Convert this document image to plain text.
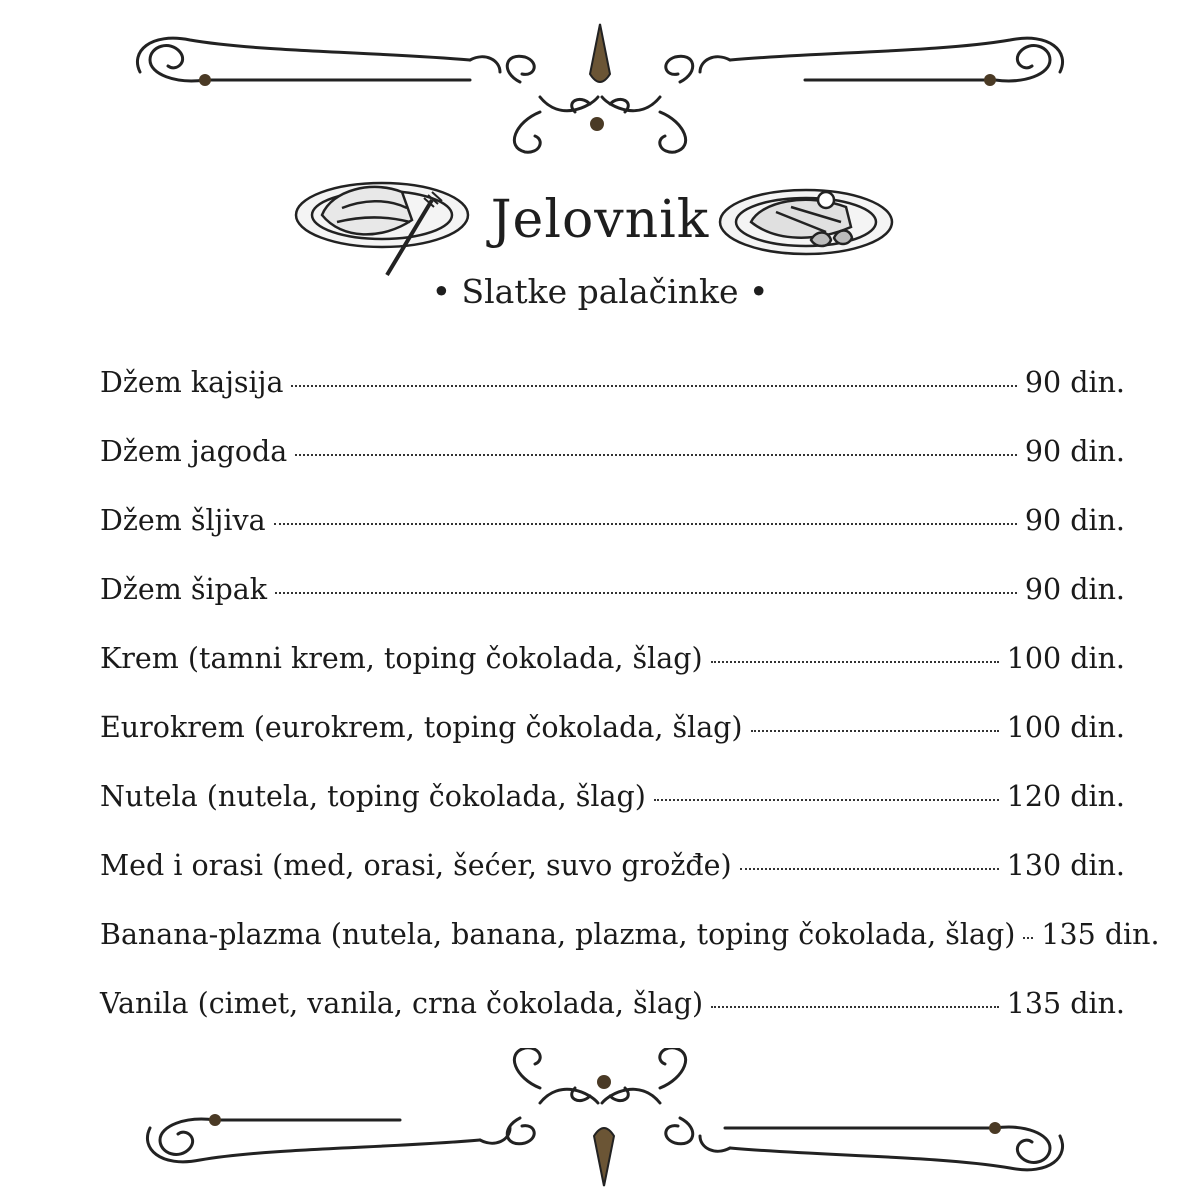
Jelovnik
• Slatke palačinke •
Džem kajsija	90 din.
Džem jagoda	90 din.
Džem šljiva	90 din.
Džem šipak	90 din.
Krem (tamni krem, toping čokolada, šlag)	100 din.
Eurokrem (eurokrem, toping čokolada, šlag)	100 din.
Nutela (nutela, toping čokolada, šlag)	120 din.
Med i orasi (med, orasi, šećer, suvo grožđe)	130 din.
Banana-plazma (nutela, banana, plazma, toping čokolada, šlag) 135 din.
Vanila (cimet, vanila, crna čokolada, šlag)	135 din.
